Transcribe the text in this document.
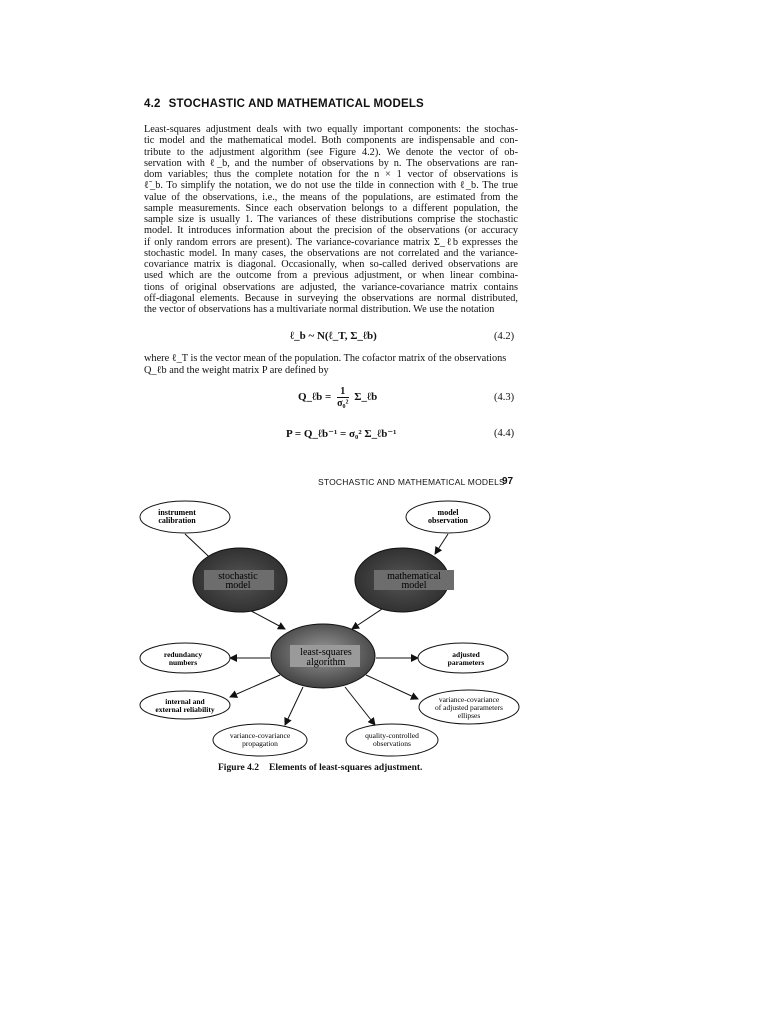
4.2 STOCHASTIC AND MATHEMATICAL MODELS
Least-squares adjustment deals with two equally important components: the stochas-
tic model and the mathematical model. Both components are indispensable and con-
tribute to the adjustment algorithm (see Figure 4.2). We denote the vector of ob-
servation with ℓ_b, and the number of observations by n. The observations are ran-
dom variables; thus the complete notation for the n × 1 vector of observations is
ℓ̃_b. To simplify the notation, we do not use the tilde in connection with ℓ_b. The true
value of the observations, i.e., the means of the populations, are estimated from the
sample measurements. Since each observation belongs to a different population, the
sample size is usually 1. The variances of these distributions comprise the stochastic
model. It introduces information about the precision of the observations (or accuracy
if only random errors are present). The variance-covariance matrix Σ_ℓb expresses the
stochastic model. In many cases, the observations are not correlated and the variance-
covariance matrix is diagonal. Occasionally, when so-called derived observations are
used which are the outcome from a previous adjustment, or when linear combina-
tions of original observations are adjusted, the variance-covariance matrix contains
off-diagonal elements. Because in surveying the observations are normal distributed,
the vector of observations has a multivariate normal distribution. We use the notation
ℓ_b ~ N(ℓ_T, Σ_ℓb)	(4.2)
where ℓ_T is the vector mean of the population. The cofactor matrix of the observations
Q_ℓb and the weight matrix P are defined by
Q_ℓb = $\frac{1}{\text{σ₀²}}$ Σ_ℓb	(4.3)
P = Q_ℓb⁻¹ = σ₀² Σ_ℓb⁻¹	(4.4)
STOCHASTIC AND MATHEMATICAL MODELS
97
instrument
calibration
model
observation
stochastic
model
mathematical
model
least-squares
algorithm
redundancy
numbers
adjusted
parameters
internal and
external reliability
variance-covariance
of adjusted parameters
ellipses
variance-covariance
propagation
quality-controlled
observations
Figure 4.2 Elements of least-squares adjustment.
